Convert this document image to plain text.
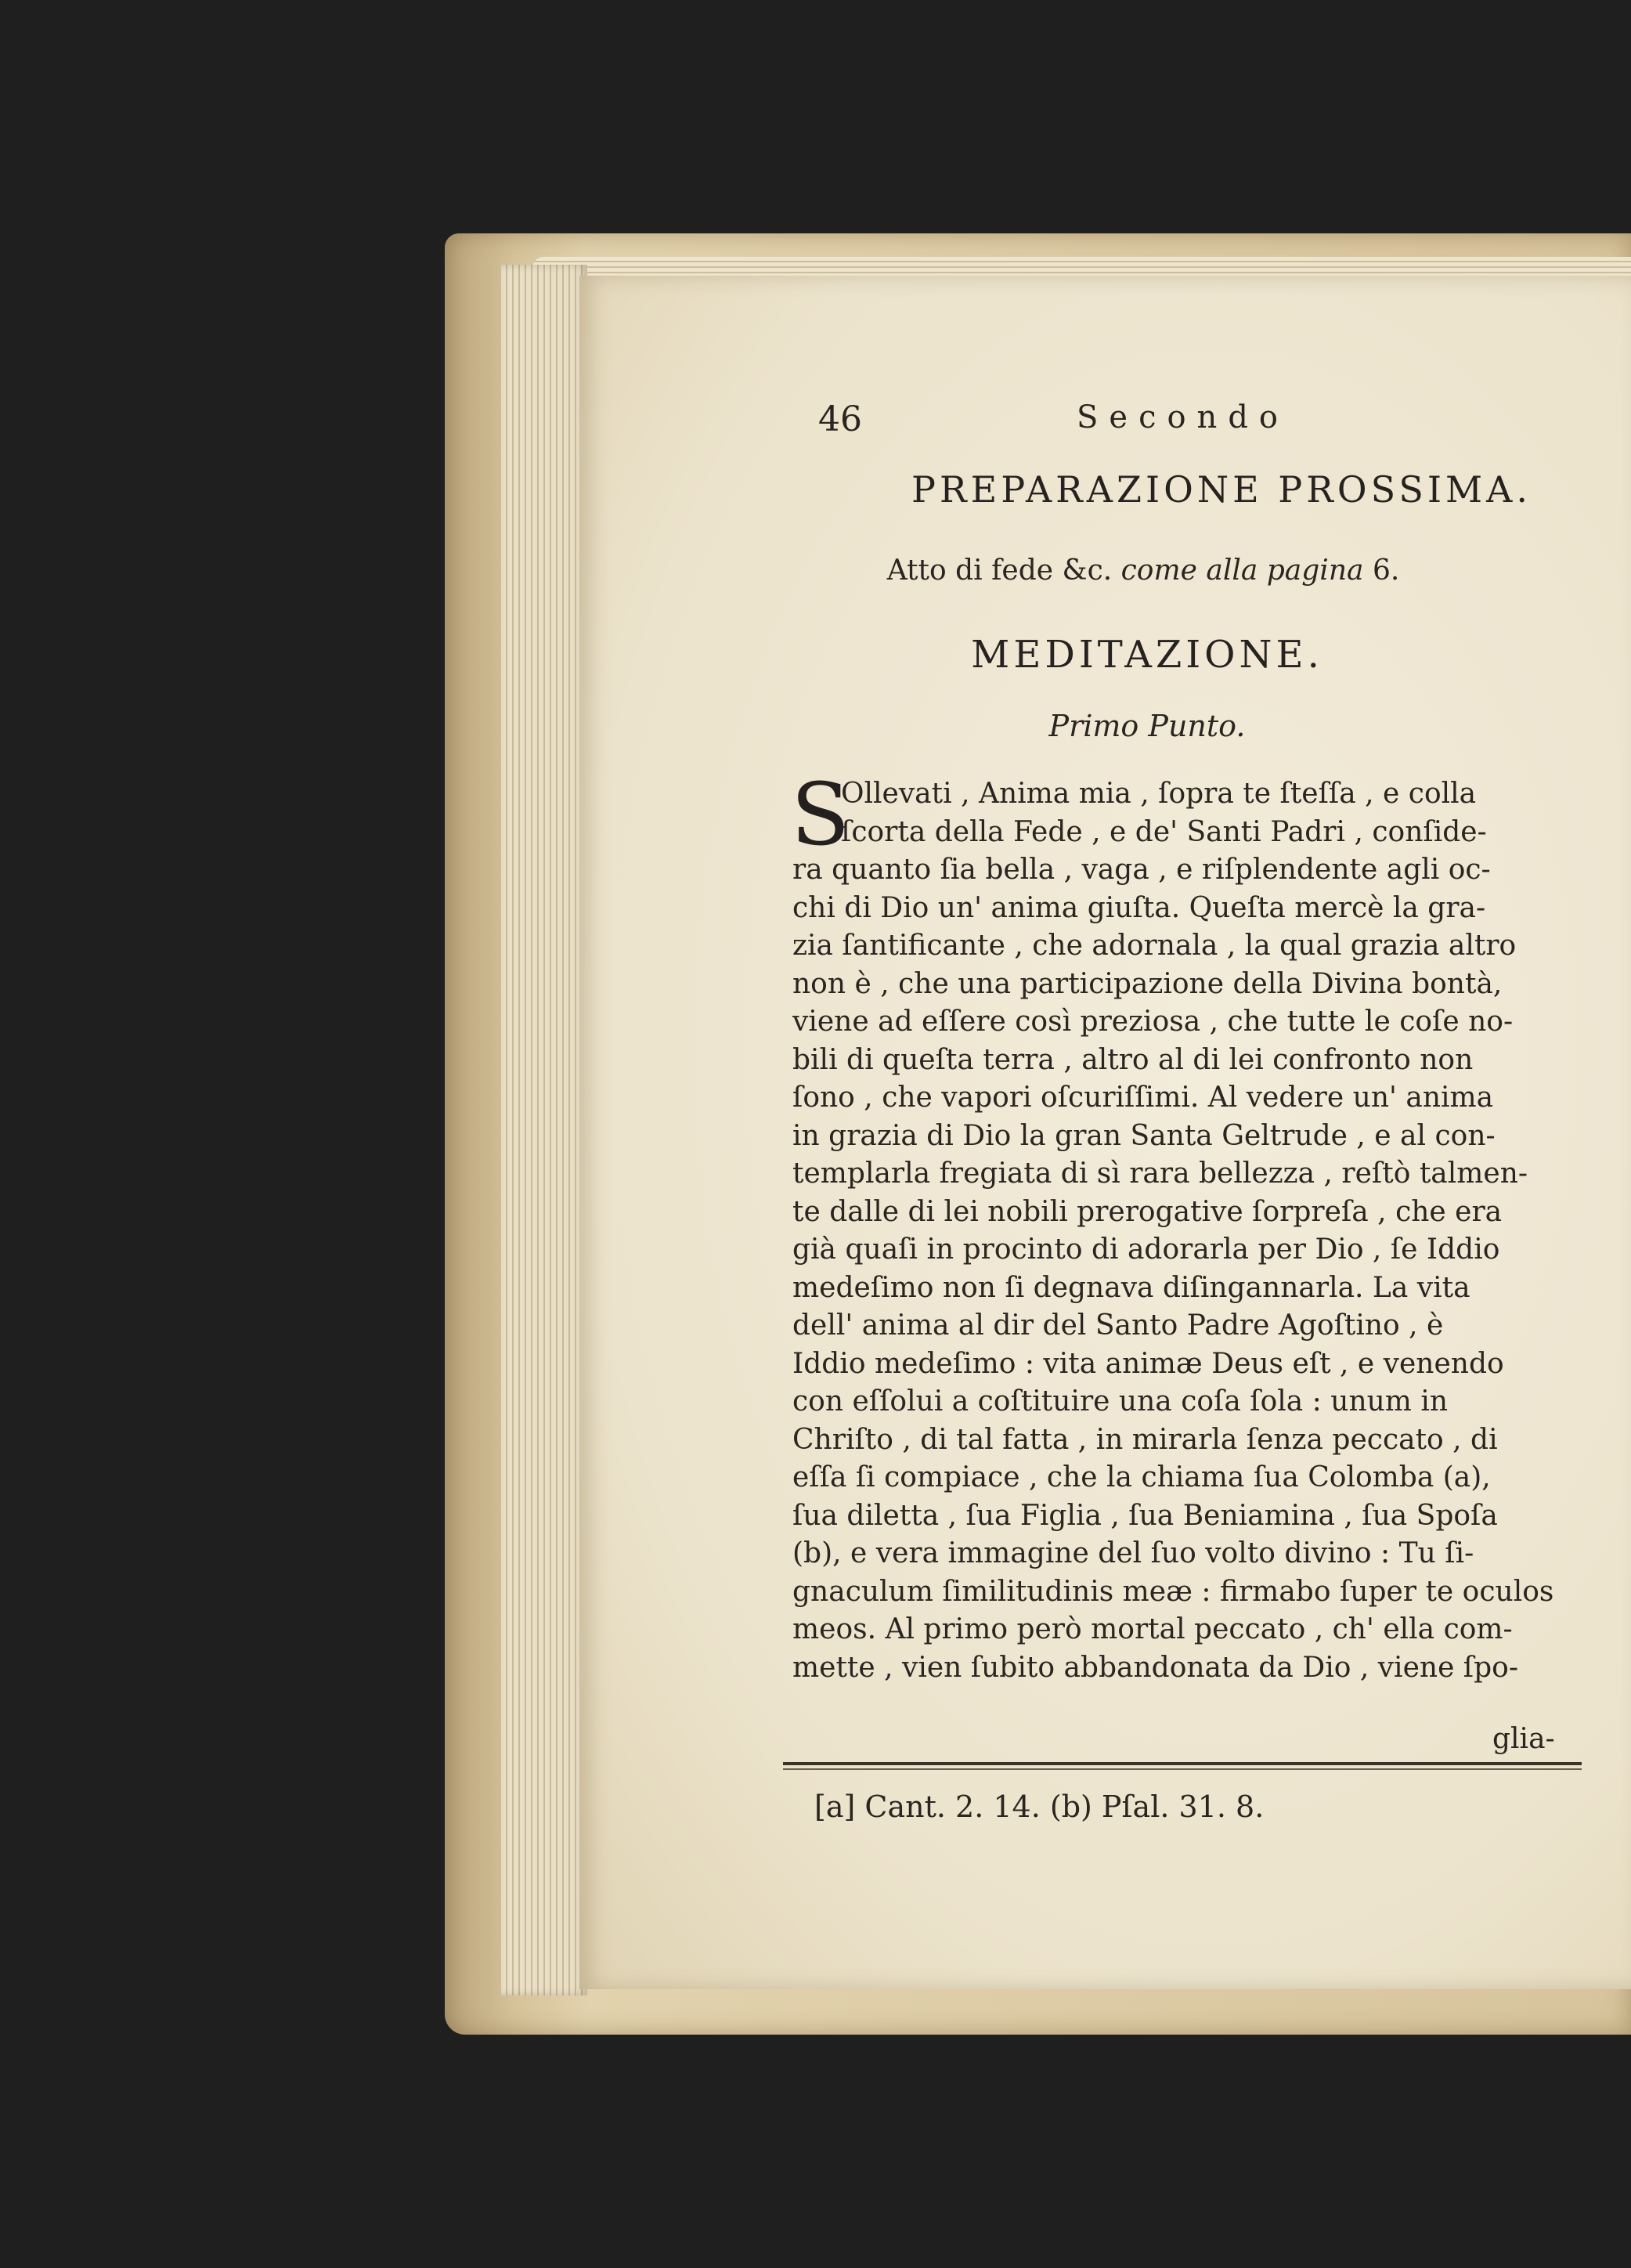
46	Secondo
PREPARAZIONE PROSSIMA.
Atto di fede &c. come alla pagina 6.
MEDITAZIONE.
Primo Punto.
S
Ollevati , Anima mia , ſopra te ſteſſa , e colla
ſcorta della Fede , e de' Santi Padri , conſide-
ra quanto ſia bella , vaga , e riſplendente agli oc-
chi di Dio un' anima giuſta. Queſta mercè la gra-
zia ſantificante , che adornala , la qual grazia altro
non è , che una participazione della Divina bontà,
viene ad eſſere così preziosa , che tutte le coſe no-
bili di queſta terra , altro al di lei confronto non
ſono , che vapori oſcuriſſimi. Al vedere un' anima
in grazia di Dio la gran Santa Geltrude , e al con-
templarla fregiata di sì rara bellezza , reſtò talmen-
te dalle di lei nobili prerogative ſorpreſa , che era
già quaſi in procinto di adorarla per Dio , ſe Iddio
medeſimo non ſi degnava diſingannarla. La vita
dell' anima al dir del Santo Padre Agoſtino , è
Iddio medeſimo : vita animæ Deus eſt , e venendo
con eſſolui a coſtituire una coſa ſola : unum in
Chriſto , di tal fatta , in mirarla ſenza peccato , di
eſſa ſi compiace , che la chiama ſua Colomba (a),
ſua diletta , ſua Figlia , ſua Beniamina , ſua Spoſa
(b), e vera immagine del ſuo volto divino : Tu ſi-
gnaculum ſimilitudinis meæ : firmabo ſuper te oculos
meos. Al primo però mortal peccato , ch' ella com-
mette , vien ſubito abbandonata da Dio , viene ſpo-
glia-
[a] Cant. 2. 14. (b) Pſal. 31. 8.
